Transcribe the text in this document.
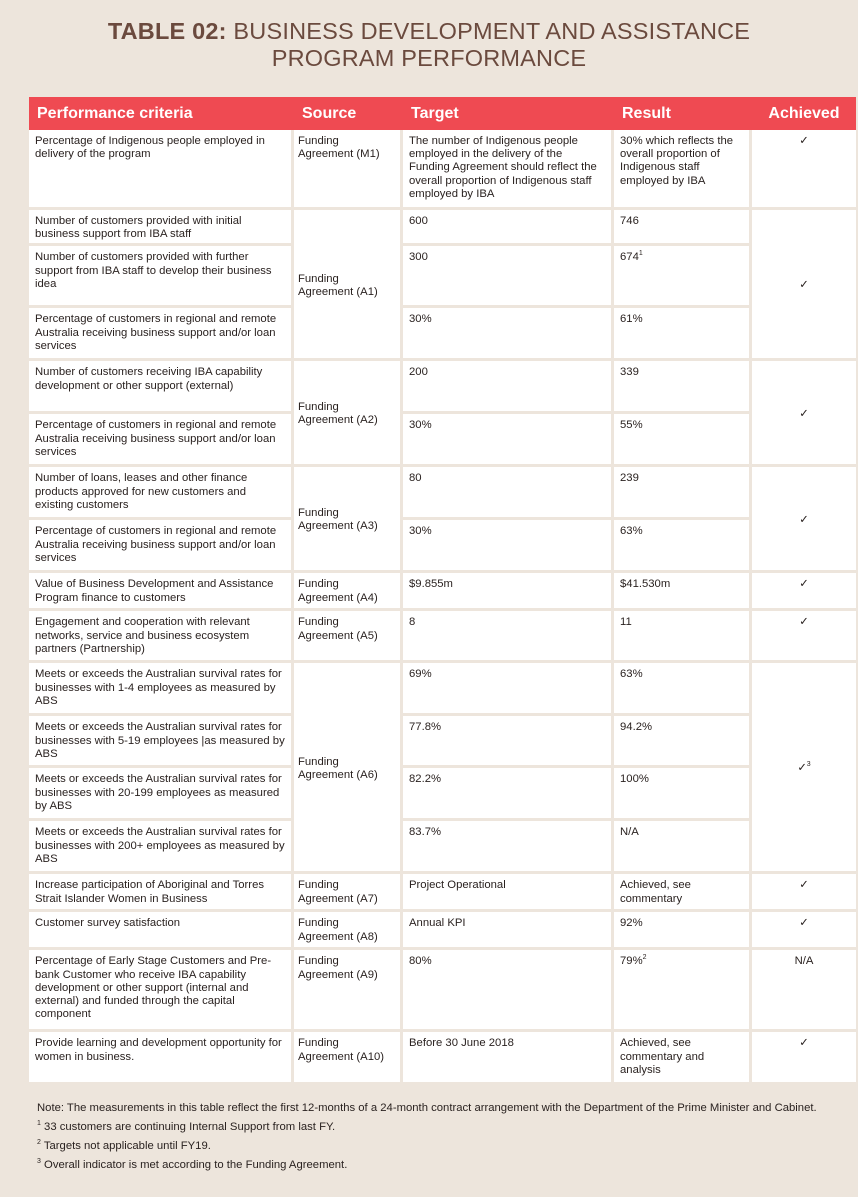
TABLE 02: BUSINESS DEVELOPMENT AND ASSISTANCE
PROGRAM PERFORMANCE
Performance criteria	Source	Target	Result	Achieved
Percentage of Indigenous people employed in delivery of the program	Funding Agreement (M1)	The number of Indigenous people employed in the delivery of the Funding Agreement should reflect the overall proportion of Indigenous staff employed by IBA	30% which reflects the overall proportion of Indigenous staff employed by IBA	✓
Number of customers provided with initial business support from IBA staff	Funding Agreement (A1)	600	746	✓
Number of customers provided with further support from IBA staff to develop their business idea		300	$674^1$
Percentage of customers in regional and remote Australia receiving business support and/or loan services		30%	61%	
Number of customers receiving IBA capability development or other support (external)	Funding Agreement (A2)	200	339	✓
Percentage of customers in regional and remote Australia receiving business support and/or loan services		30%	55%	
Number of loans, leases and other finance products approved for new customers and existing customers	Funding Agreement (A3)	80	239	✓
Percentage of customers in regional and remote Australia receiving business support and/or loan services		30%	63%	
Value of Business Development and Assistance Program finance to customers	Funding Agreement (A4)	$9.855m	$41.530m	✓
Engagement and cooperation with relevant networks, service and business ecosystem partners (Partnership)	Funding Agreement (A5)	8	11	✓
Meets or exceeds the Australian survival rates for businesses with 1-4 employees as measured by ABS	Funding Agreement (A6)	69%	63%	✓$^3$
Meets or exceeds the Australian survival rates for businesses with 5-19 employees |as measured by ABS		77.8%	94.2%	
Meets or exceeds the Australian survival rates for businesses with 20-199 employees as measured by ABS		82.2%	100%	
Meets or exceeds the Australian survival rates for businesses with 200+ employees as measured by ABS		83.7%	N/A	
Increase participation of Aboriginal and Torres Strait Islander Women in Business	Funding Agreement (A7)	Project Operational	Achieved, see commentary	✓
Customer survey satisfaction	Funding Agreement (A8)	Annual KPI	92%	✓
Percentage of Early Stage Customers and Pre-bank Customer who receive IBA capability development or other support (internal and external) and funded through the capital component	Funding Agreement (A9)	80%	79%$^2$	N/A
Provide learning and development opportunity for women in business.	Funding Agreement (A10)	Before 30 June 2018	Achieved, see commentary and analysis	✓

Note: The measurements in this table reflect the first 12-months of a 24-month contract arrangement with the Department of the Prime Minister and Cabinet.

$^1$ 33 customers are continuing Internal Support from last FY.

$^2$ Targets not applicable until FY19.

$^3$ Overall indicator is met according to the Funding Agreement.
